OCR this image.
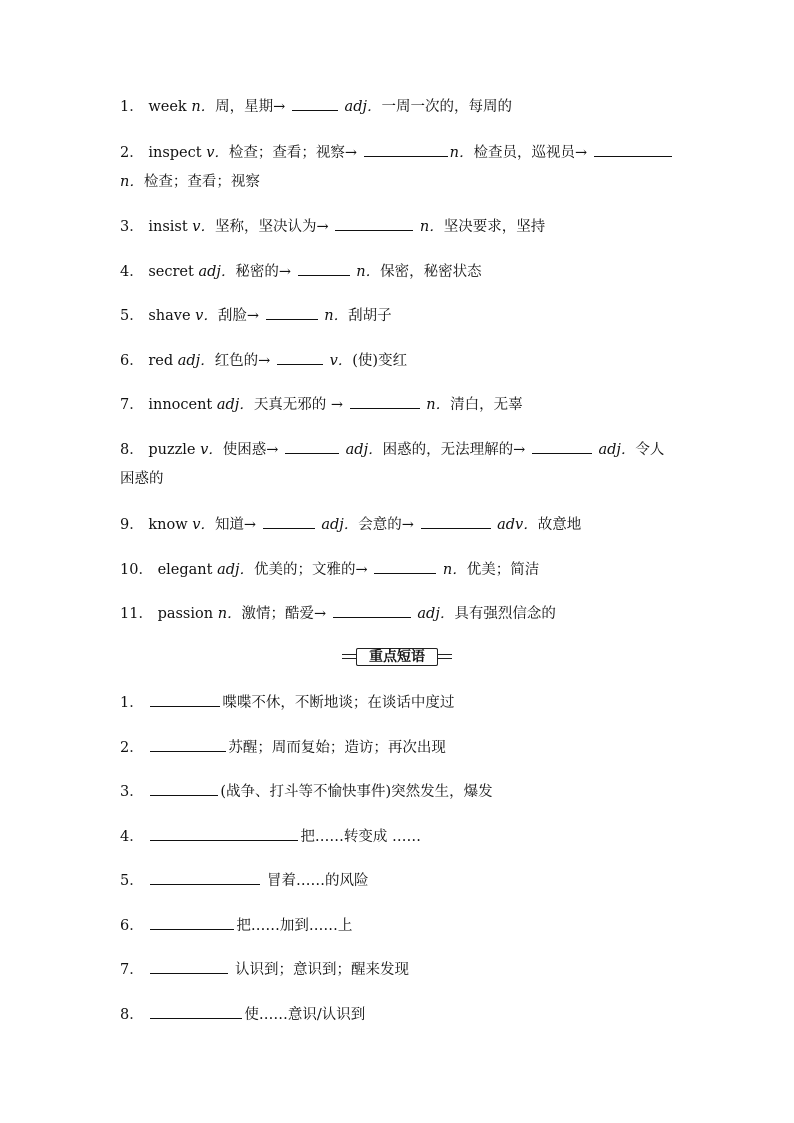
1． week n．周，星期→	adj．一周一次的，每周的
2． inspect v．检查；查看；视察→	n．检查员，巡视员→
n．检查；查看；视察
3． insist v．坚称，坚决认为→	n．坚决要求，坚持
4． secret adj．秘密的→	n．保密，秘密状态
5． shave v．刮脸→	n．刮胡子
6． red adj．红色的→	v．(使)变红
7． innocent adj．天真无邪的 →	n．清白，无辜
8． puzzle v．使困惑→	adj．困惑的，无法理解的→	adj．令人
困惑的
9． know v．知道→	adj．会意的→	adv．故意地
10． elegant adj．优美的；文雅的→	n．优美；简洁
11． passion n．激情；酷爱→	adj．具有强烈信念的
重点短语
1．	喋喋不休，不断地谈；在谈话中度过
2．	苏醒；周而复始；造访；再次出现
3．	(战争、打斗等不愉快事件)突然发生，爆发
4．	把……转变成 ……
5．	冒着……的风险
6．	把……加到……上
7．	认识到；意识到；醒来发现
8．	使……意识/认识到
